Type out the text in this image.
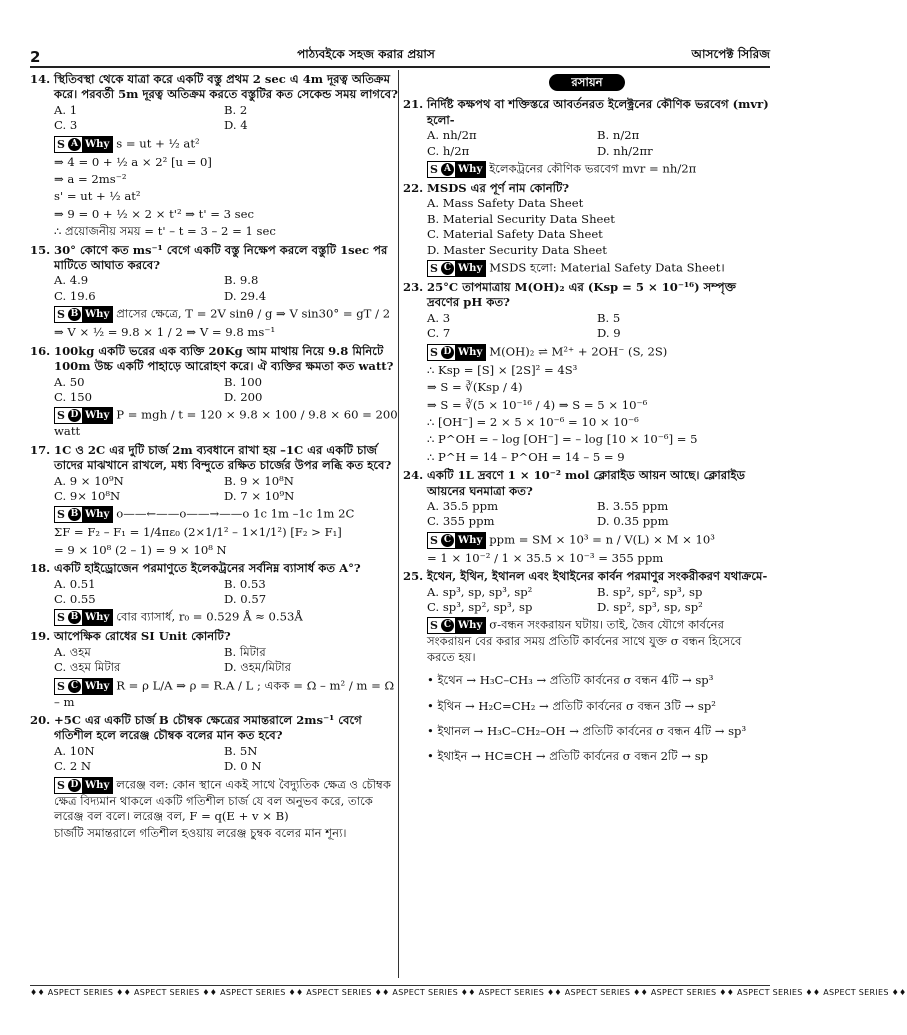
2	পাঠ্যবইকে সহজ করার প্রয়াস	আসপেক্ট সিরিজ
14. স্থিতিবস্থা থেকে যাত্রা করে একটি বস্তু প্রথম 2 sec এ 4m দূরত্ব অতিক্রম করে। পরবর্তী 5m দূরত্ব অতিক্রম করতে বস্তুটির কত সেকেন্ড সময় লাগবে?
A. 1	B. 2
C. 3	D. 4
S A Why s = ut + ½ at²
⇒ 4 = 0 + ½ a × 2² [u = 0]
⇒ a = 2ms⁻²
s' = ut + ½ at²
⇒ 9 = 0 + ½ × 2 × t'² ⇒ t' = 3 sec
∴ প্রয়োজনীয় সময় = t' – t = 3 – 2 = 1 sec
15. 30° কোণে কত ms⁻¹ বেগে একটি বস্তু নিক্ষেপ করলে বস্তুটি 1sec পর মাটিতে আঘাত করবে?
A. 4.9	B. 9.8
C. 19.6	D. 29.4
S B Why প্রাসের ক্ষেত্রে, T = 2V sinθ / g ⇒ V sin30° = gT / 2
⇒ V × ½ = 9.8 × 1 / 2 ⇒ V = 9.8 ms⁻¹
16. 100kg একটি ভরের এক ব্যক্তি 20Kg আম মাথায় নিয়ে 9.8 মিনিটে 100m উচ্চ একটি পাহাড়ে আরোহণ করে। ঐ ব্যক্তির ক্ষমতা কত watt?
A. 50	B. 100
C. 150	D. 200
S D Why P = mgh / t = 120 × 9.8 × 100 / 9.8 × 60 = 200 watt
17. 1C ও 2C এর দুটি চার্জ 2m ব্যবধানে রাখা হয় –1C এর একটি চার্জ তাদের মাঝখানে রাখলে, মধ্য বিন্দুতে রক্ষিত চার্জের উপর লব্ধি কত হবে?
A. 9 × 10⁹N	B. 9 × 10⁸N
C. 9× 10⁸N	D. 7 × 10⁹N
S B Why o——←——o——→——o 1c 1m –1c 1m 2C
ΣF = F₂ – F₁ = 1/4πε₀ (2×1/1² – 1×1/1²) [F₂ > F₁]
= 9 × 10⁸ (2 – 1) = 9 × 10⁸ N
18. একটি হাইড্রোজেন পরমাণুতে ইলেকট্রনের সর্বনিম্ন ব্যাসার্ধ কত A°?
A. 0.51	B. 0.53
C. 0.55	D. 0.57
S B Why বোর ব্যাসার্ধ, r₀ = 0.529 Å ≈ 0.53Å
19. আপেক্ষিক রোধের SI Unit কোনটি?
A. ওহম	B. মিটার
C. ওহম মিটার	D. ওহম/মিটার
S C Why R = ρ L/A ⇒ ρ = R.A / L ; একক = Ω – m² / m = Ω – m
20. +5C এর একটি চার্জ B চৌম্বক ক্ষেত্রের সমান্তরালে 2ms⁻¹ বেগে গতিশীল হলে লরেঞ্জ চৌম্বক বলের মান কত হবে?
A. 10N	B. 5N
C. 2 N	D. 0 N
S D Why লরেঞ্জ বল: কোন স্থানে একই সাথে বৈদ্যুতিক ক্ষেত্র ও চৌম্বক ক্ষেত্র বিদ্যমান থাকলে একটি গতিশীল চার্জ যে বল অনুভব করে, তাকে লরেঞ্জ বল বলে। লরেঞ্জ বল, F = q(E + v × B)
চার্জটি সমান্তরালে গতিশীল হওয়ায় লরেঞ্জ চুম্বক বলের মান শূন্য।
রসায়ন
21. নির্দিষ্ট কক্ষপথ বা শক্তিস্তরে আবর্তনরত ইলেক্ট্রনের কৌণিক ভরবেগ (mvr) হলো-
A. nh/2π	B. n/2π
C. h/2π	D. nh/2πr
S A Why ইলেকট্রনের কৌণিক ভরবেগ mvr = nh/2π
22. MSDS এর পূর্ণ নাম কোনটি?
A. Mass Safety Data Sheet
B. Material Security Data Sheet
C. Material Safety Data Sheet
D. Master Security Data Sheet
S C Why MSDS হলো: Material Safety Data Sheet।
23. 25°C তাপমাত্রায় M(OH)₂ এর (Ksp = 5 × 10⁻¹⁶) সম্পৃক্ত দ্রবণের pH কত?
A. 3	B. 5
C. 7	D. 9
S D Why M(OH)₂ ⇌ M²⁺ + 2OH⁻ (S, 2S)
∴ Ksp = [S] × [2S]² = 4S³
⇒ S = ∛(Ksp / 4)
⇒ S = ∛(5 × 10⁻¹⁶ / 4) ⇒ S = 5 × 10⁻⁶
∴ [OH⁻] = 2 × 5 × 10⁻⁶ = 10 × 10⁻⁶
∴ P^OH = – log [OH⁻] = – log [10 × 10⁻⁶] = 5
∴ P^H = 14 – P^OH = 14 – 5 = 9
24. একটি 1L দ্রবণে 1 × 10⁻² mol ক্লোরাইড আয়ন আছে। ক্লোরাইড আয়নের ঘনমাত্রা কত?
A. 35.5 ppm	B. 3.55 ppm
C. 355 ppm	D. 0.35 ppm
S C Why ppm = SM × 10³ = n / V(L) × M × 10³
= 1 × 10⁻² / 1 × 35.5 × 10⁻³ = 355 ppm
25. ইথেন, ইথিন, ইথানল এবং ইথাইনের কার্বন পরমাণুর সংকরীকরণ যথাক্রমে-
A. sp³, sp, sp³, sp²	B. sp², sp², sp³, sp
C. sp³, sp², sp³, sp	D. sp², sp³, sp, sp²
S C Why σ-বন্ধন সংকরায়ন ঘটায়। তাই, জৈব যৌগে কার্বনের সংকরায়ন বের করার সময় প্রতিটি কার্বনের সাথে যুক্ত σ বন্ধন হিসেবে করতে হয়।
• ইথেন → H₃C–CH₃ → প্রতিটি কার্বনের σ বন্ধন 4টি → sp³
• ইথিন → H₂C=CH₂ → প্রতিটি কার্বনের σ বন্ধন 3টি → sp²
• ইথানল → H₃C–CH₂–OH → প্রতিটি কার্বনের σ বন্ধন 4টি → sp³
• ইথাইন → HC≡CH → প্রতিটি কার্বনের σ বন্ধন 2টি → sp
♦♦ ASPECT SERIES ♦♦ ASPECT SERIES ♦♦ ASPECT SERIES ♦♦ ASPECT SERIES ♦♦ ASPECT SERIES ♦♦ ASPECT SERIES ♦♦ ASPECT SERIES ♦♦ ASPECT SERIES ♦♦ ASPECT SERIES ♦♦ ASPECT SERIES ♦♦
